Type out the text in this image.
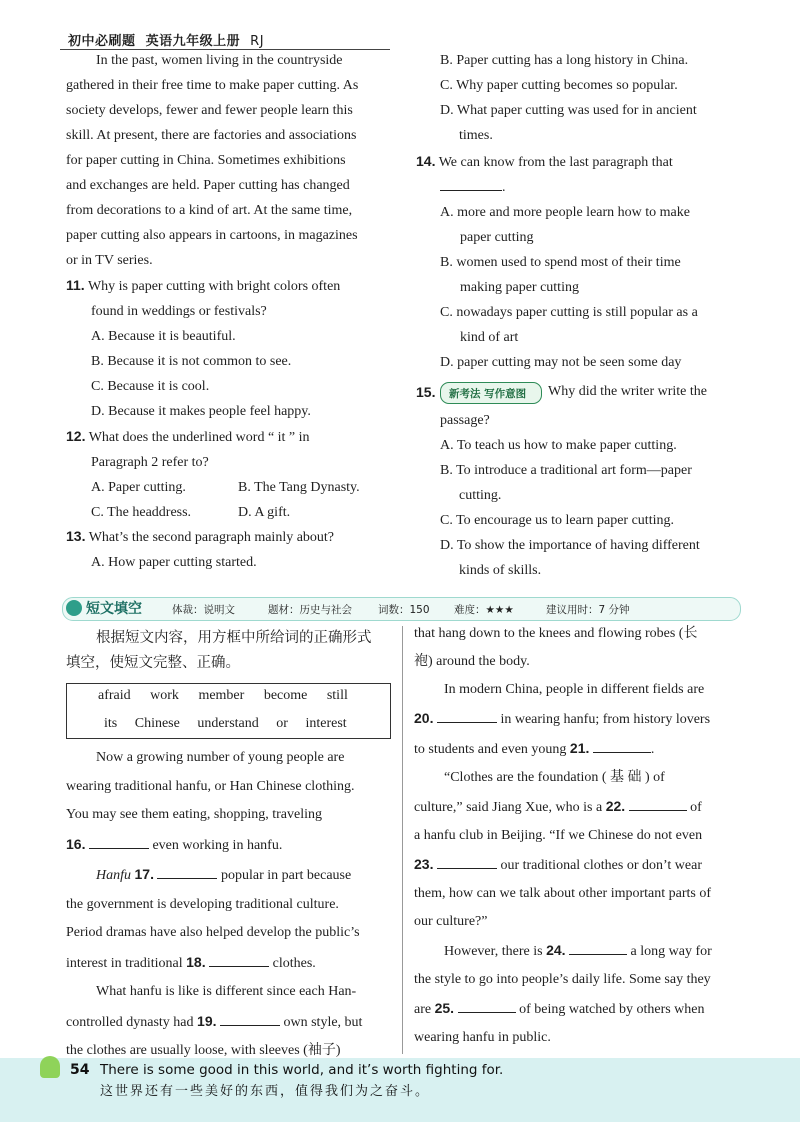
初中必刷题 英语九年级上册 RJ
In the past, women living in the countryside
gathered in their free time to make paper cutting. As
society develops, fewer and fewer people learn this
skill. At present, there are factories and associations
for paper cutting in China. Sometimes exhibitions
and exchanges are held. Paper cutting has changed
from decorations to a kind of art. At the same time,
paper cutting also appears in cartoons, in magazines
or in TV series.
11. Why is paper cutting with bright colors often
found in weddings or festivals?
A. Because it is beautiful.
B. Because it is not common to see.
C. Because it is cool.
D. Because it makes people feel happy.
12. What does the underlined word “ it ” in
Paragraph 2 refer to?
A. Paper cutting.	B. The Tang Dynasty.
C. The headdress.	D. A gift.
13. What’s the second paragraph mainly about?
A. How paper cutting started.
B. Paper cutting has a long history in China.
C. Why paper cutting becomes so popular.
D. What paper cutting was used for in ancient
times.
14. We can know from the last paragraph that
.
A. more and more people learn how to make
paper cutting
B. women used to spend most of their time
making paper cutting
C. nowadays paper cutting is still popular as a
kind of art
D. paper cutting may not be seen some day
15.	新考法 写作意图	Why did the writer write the
passage?
A. To teach us how to make paper cutting.
B. To introduce a traditional art form—paper
cutting.
C. To encourage us to learn paper cutting.
D. To show the importance of having different
kinds of skills.
短文填空	体裁：说明文	题材：历史与社会 词数：150 难度：★★★	建议用时：7 分钟
根据短文内容，用方框中所给词的正确形式
填空，使短文完整、正确。
afraid work member become still
its Chinese understand or interest
Now a growing number of young people are
wearing traditional hanfu, or Han Chinese clothing.
You may see them eating, shopping, traveling
16.	even working in hanfu.
Hanfu 17.	popular in part because
the government is developing traditional culture.
Period dramas have also helped develop the public’s
interest in traditional 18.	clothes.
What hanfu is like is different since each Han-
controlled dynasty had 19.	own style, but
the clothes are usually loose, with sleeves (袖子)
that hang down to the knees and flowing robes (长
袍) around the body.
In modern China, people in different fields are
20.	in wearing hanfu; from history lovers
to students and even young 21.	.
“Clothes are the foundation ( 基 础 ) of
culture,” said Jiang Xue, who is a 22.	of
a hanfu club in Beijing. “If we Chinese do not even
23.	our traditional clothes or don’t wear
them, how can we talk about other important parts of
our culture?”
However, there is 24.	a long way for
the style to go into people’s daily life. Some say they
are 25.	of being watched by others when
wearing hanfu in public.
54 There is some good in this world, and it’s worth fighting for.
这世界还有一些美好的东西，值得我们为之奋斗。
